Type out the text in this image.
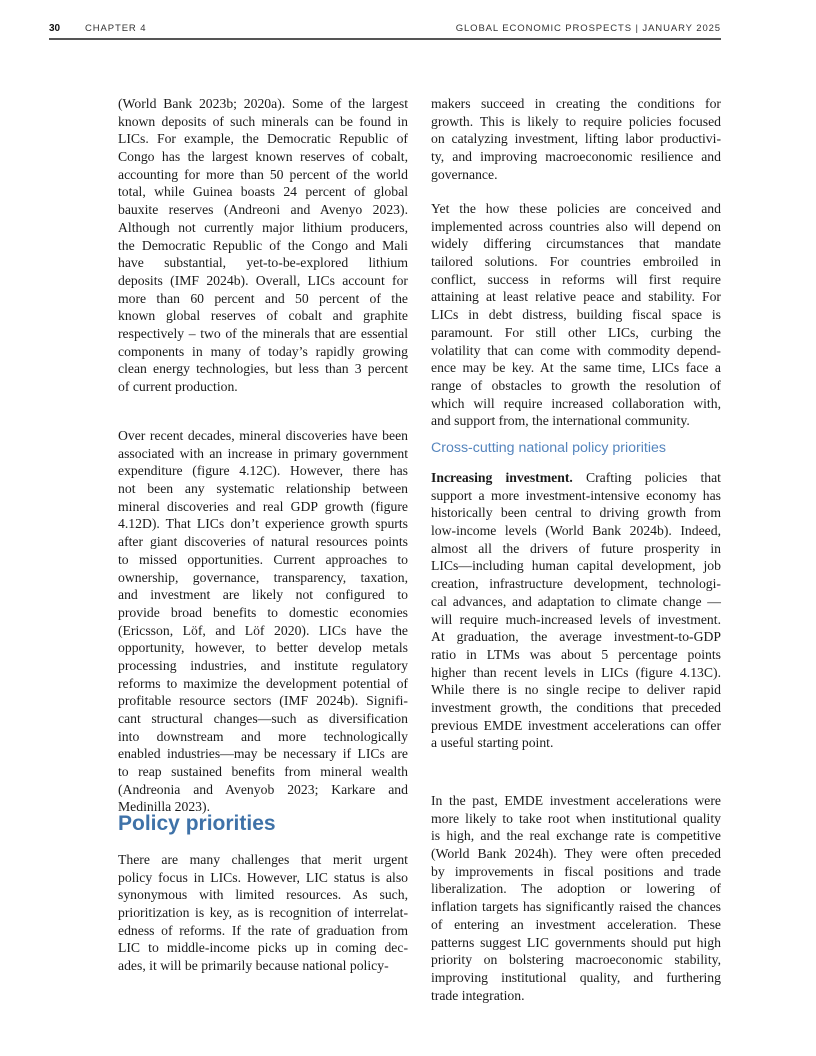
30	CHAPTER 4	GLOBAL ECONOMIC PROSPECTS | JANUARY 2025
(World Bank 2023b; 2020a). Some of the largest
known deposits of such minerals can be found in
LICs. For example, the Democratic Republic of
Congo has the largest known reserves of cobalt,
accounting for more than 50 percent of the world
total, while Guinea boasts 24 percent of global
bauxite reserves (Andreoni and Avenyo 2023).
Although not currently major lithium producers,
the Democratic Republic of the Congo and Mali
have substantial, yet-to-be-explored lithium
deposits (IMF 2024b). Overall, LICs account for
more than 60 percent and 50 percent of the
known global reserves of cobalt and graphite
respectively – two of the minerals that are essential
components in many of today’s rapidly growing
clean energy technologies, but less than 3 percent
of current production.
Over recent decades, mineral discoveries have been
associated with an increase in primary government
expenditure (figure 4.12C). However, there has
not been any systematic relationship between
mineral discoveries and real GDP growth (figure
4.12D). That LICs don’t experience growth spurts
after giant discoveries of natural resources points
to missed opportunities. Current approaches to
ownership, governance, transparency, taxation,
and investment are likely not configured to
provide broad benefits to domestic economies
(Ericsson, Löf, and Löf 2020). LICs have the
opportunity, however, to better develop metals
processing industries, and institute regulatory
reforms to maximize the development potential of
profitable resource sectors (IMF 2024b). Signifi-
cant structural changes—such as diversification
into downstream and more technologically
enabled industries—may be necessary if LICs are
to reap sustained benefits from mineral wealth
(Andreonia and Avenyob 2023; Karkare and
Medinilla 2023).
Policy priorities
There are many challenges that merit urgent
policy focus in LICs. However, LIC status is also
synonymous with limited resources. As such,
prioritization is key, as is recognition of interrelat-
edness of reforms. If the rate of graduation from
LIC to middle-income picks up in coming dec-
ades, it will be primarily because national policy-
makers succeed in creating the conditions for
growth. This is likely to require policies focused
on catalyzing investment, lifting labor productivi-
ty, and improving macroeconomic resilience and
governance.
Yet the how these policies are conceived and
implemented across countries also will depend on
widely differing circumstances that mandate
tailored solutions. For countries embroiled in
conflict, success in reforms will first require
attaining at least relative peace and stability. For
LICs in debt distress, building fiscal space is
paramount. For still other LICs, curbing the
volatility that can come with commodity depend-
ence may be key. At the same time, LICs face a
range of obstacles to growth the resolution of
which will require increased collaboration with,
and support from, the international community.
Cross-cutting national policy priorities
Increasing investment. Crafting policies that
support a more investment-intensive economy has
historically been central to driving growth from
low-income levels (World Bank 2024b). Indeed,
almost all the drivers of future prosperity in
LICs—including human capital development, job
creation, infrastructure development, technologi-
cal advances, and adaptation to climate change —
will require much-increased levels of investment.
At graduation, the average investment-to-GDP
ratio in LTMs was about 5 percentage points
higher than recent levels in LICs (figure 4.13C).
While there is no single recipe to deliver rapid
investment growth, the conditions that preceded
previous EMDE investment accelerations can offer
a useful starting point.
In the past, EMDE investment accelerations were
more likely to take root when institutional quality
is high, and the real exchange rate is competitive
(World Bank 2024h). They were often preceded
by improvements in fiscal positions and trade
liberalization. The adoption or lowering of
inflation targets has significantly raised the chances
of entering an investment acceleration. These
patterns suggest LIC governments should put high
priority on bolstering macroeconomic stability,
improving institutional quality, and furthering
trade integration.
